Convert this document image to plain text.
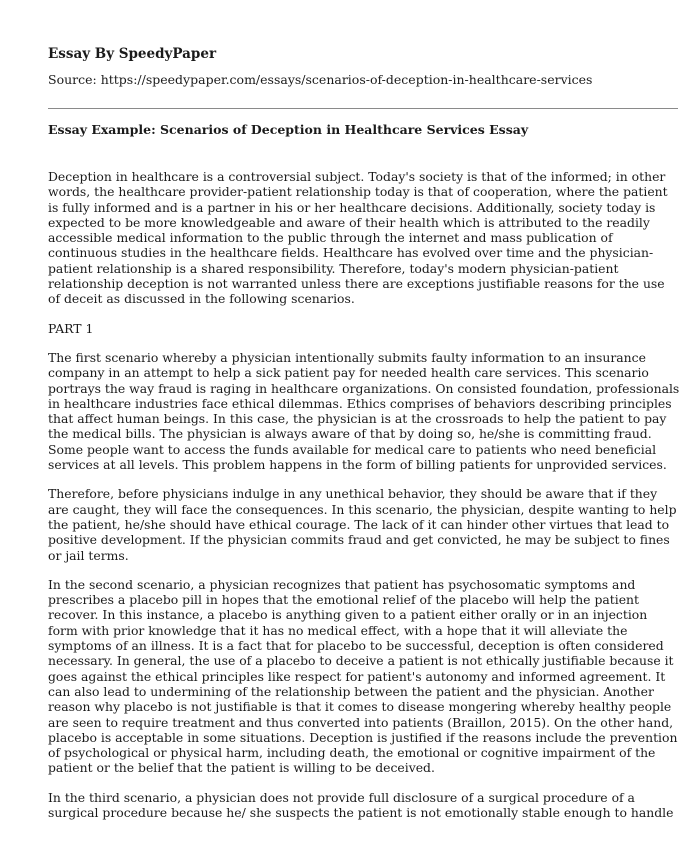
Essay By SpeedyPaper
Source: https://speedypaper.com/essays/scenarios-of-deception-in-healthcare-services
Essay Example: Scenarios of Deception in Healthcare Services Essay

Deception in healthcare is a controversial subject. Today's society is that of the informed; in other words, the healthcare provider-patient relationship today is that of cooperation, where the patient is fully informed and is a partner in his or her healthcare decisions. Additionally, society today is expected to be more knowledgeable and aware of their health which is attributed to the readily accessible medical information to the public through the internet and mass publication of continuous studies in the healthcare fields. Healthcare has evolved over time and the physician-patient relationship is a shared responsibility. Therefore, today's modern physician-patient relationship deception is not warranted unless there are exceptions justifiable reasons for the use of deceit as discussed in the following scenarios.

PART 1

The first scenario whereby a physician intentionally submits faulty information to an insurance company in an attempt to help a sick patient pay for needed health care services. This scenario portrays the way fraud is raging in healthcare organizations. On consisted foundation, professionals in healthcare industries face ethical dilemmas. Ethics comprises of behaviors describing principles that affect human beings. In this case, the physician is at the crossroads to help the patient to pay the medical bills. The physician is always aware of that by doing so, he/she is committing fraud. Some people want to access the funds available for medical care to patients who need beneficial services at all levels. This problem happens in the form of billing patients for unprovided services.

Therefore, before physicians indulge in any unethical behavior, they should be aware that if they are caught, they will face the consequences. In this scenario, the physician, despite wanting to help the patient, he/she should have ethical courage. The lack of it can hinder other virtues that lead to positive development. If the physician commits fraud and get convicted, he may be subject to fines or jail terms.

In the second scenario, a physician recognizes that patient has psychosomatic symptoms and prescribes a placebo pill in hopes that the emotional relief of the placebo will help the patient recover. In this instance, a placebo is anything given to a patient either orally or in an injection form with prior knowledge that it has no medical effect, with a hope that it will alleviate the symptoms of an illness. It is a fact that for placebo to be successful, deception is often considered necessary. In general, the use of a placebo to deceive a patient is not ethically justifiable because it goes against the ethical principles like respect for patient's autonomy and informed agreement. It can also lead to undermining of the relationship between the patient and the physician. Another reason why placebo is not justifiable is that it comes to disease mongering whereby healthy people are seen to require treatment and thus converted into patients (Braillon, 2015). On the other hand, placebo is acceptable in some situations. Deception is justified if the reasons include the prevention of psychological or physical harm, including death, the emotional or cognitive impairment of the patient or the belief that the patient is willing to be deceived.

In the third scenario, a physician does not provide full disclosure of a surgical procedure of a surgical procedure because he/ she suspects the patient is not emotionally stable enough to handle
